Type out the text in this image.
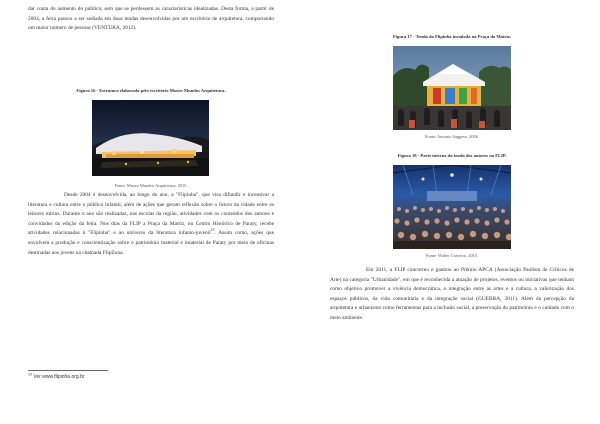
dar conta do aumento do público, sem que se perdessem as características idealizadas. Desta forma, a partir de 2004, a feira passou a ser sediada em duas tendas desenvolvidas por um escritório de arquitetura, comportando um maior número de pessoas (VENTURA, 2012).

Figura 16 - Estrutura elaborada pelo escritório Museo Mundos Arquitetura.

Fonte: Museo Mundos Arquitetura, 2015.

Desde 2004 é desenvolvida, ao longo do ano, a "Flipinha", que visa difundir e incentivar a literatura e cultura entre o público infantil, além de ações que geram reflexão sobre o futuro da cidade entre os leitores mirins. Durante o ano são realizadas, nas escolas da região, atividades com os conteúdos dos autores e convidados da edição da feira. Nos dias da FLIP a Praça da Matriz, no Centro Histórico de Paraty, recebe atividades relacionadas à "Flipinha" e ao universo da literatura infanto-juvenil$^{10}$. Assim como, ações que envolvem a produção e conscientização sobre o patrimônio material e imaterial de Paraty por meio de oficinas destinadas aos jovens na chamada FlipZona.

$^{10}$ Ver www.flipinha.org.br

Figura 17 - Tenda da Flipinha instalada na Praça da Matriz.

Fonte: Antonio Saggese, 2006.

Figura 18 - Parte interna da tenda dos autores na FLIP.

Fonte: Walter Craveiro, 2015.

Em 2011, a FLIP concorreu e ganhou ao Prêmio APCA (Associação Paulista de Críticos de Arte) na categoria "Urbanidade", em que é reconhecida a atuação de projetos, eventos ou iniciativas que tenham como objetivo promover a vivência democrática, a integração entre as artes e a cultura, a valorização dos espaços públicos, da vida comunitária e da integração social (GUERRA, 2011). Além da percepção da arquitetura e urbanismo como ferramentas para a inclusão social, a preservação do patrimônio e o cuidado com o meio ambiente.
